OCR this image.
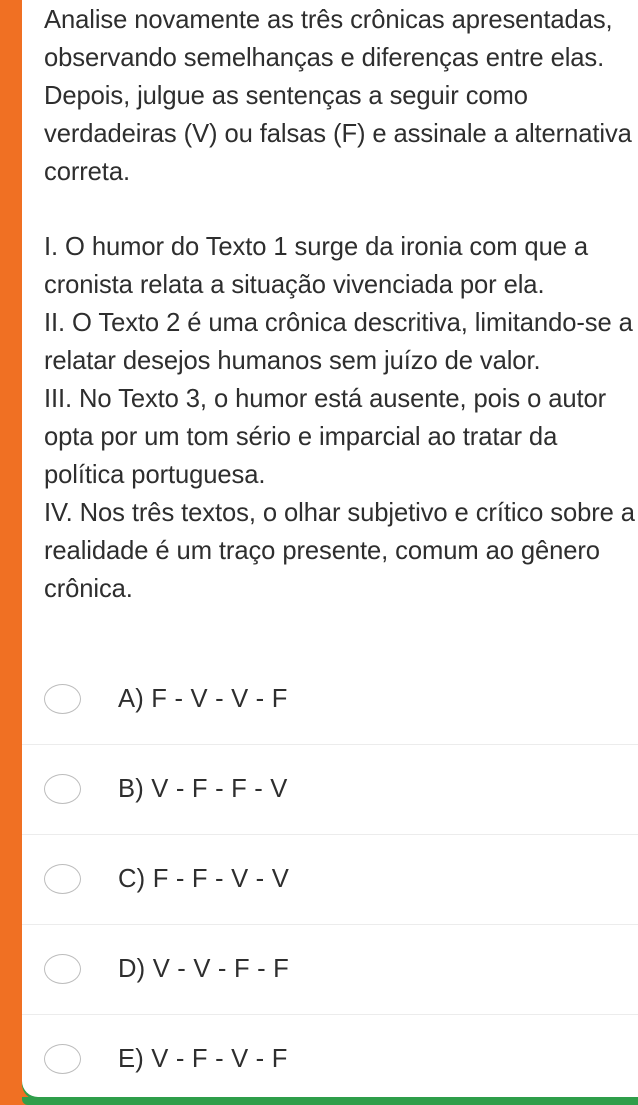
Analise novamente as três crônicas apresentadas, observando semelhanças e diferenças entre elas. Depois, julgue as sentenças a seguir como verdadeiras (V) ou falsas (F) e assinale a alternativa correta.

I. O humor do Texto 1 surge da ironia com que a cronista relata a situação vivenciada por ela.

II. O Texto 2 é uma crônica descritiva, limitando-se a relatar desejos humanos sem juízo de valor.

III. No Texto 3, o humor está ausente, pois o autor opta por um tom sério e imparcial ao tratar da política portuguesa.

IV. Nos três textos, o olhar subjetivo e crítico sobre a realidade é um traço presente, comum ao gênero crônica.

A) F - V - V - F
B) V - F - F - V
C) F - F - V - V
D) V - V - F - F
E) V - F - V - F
